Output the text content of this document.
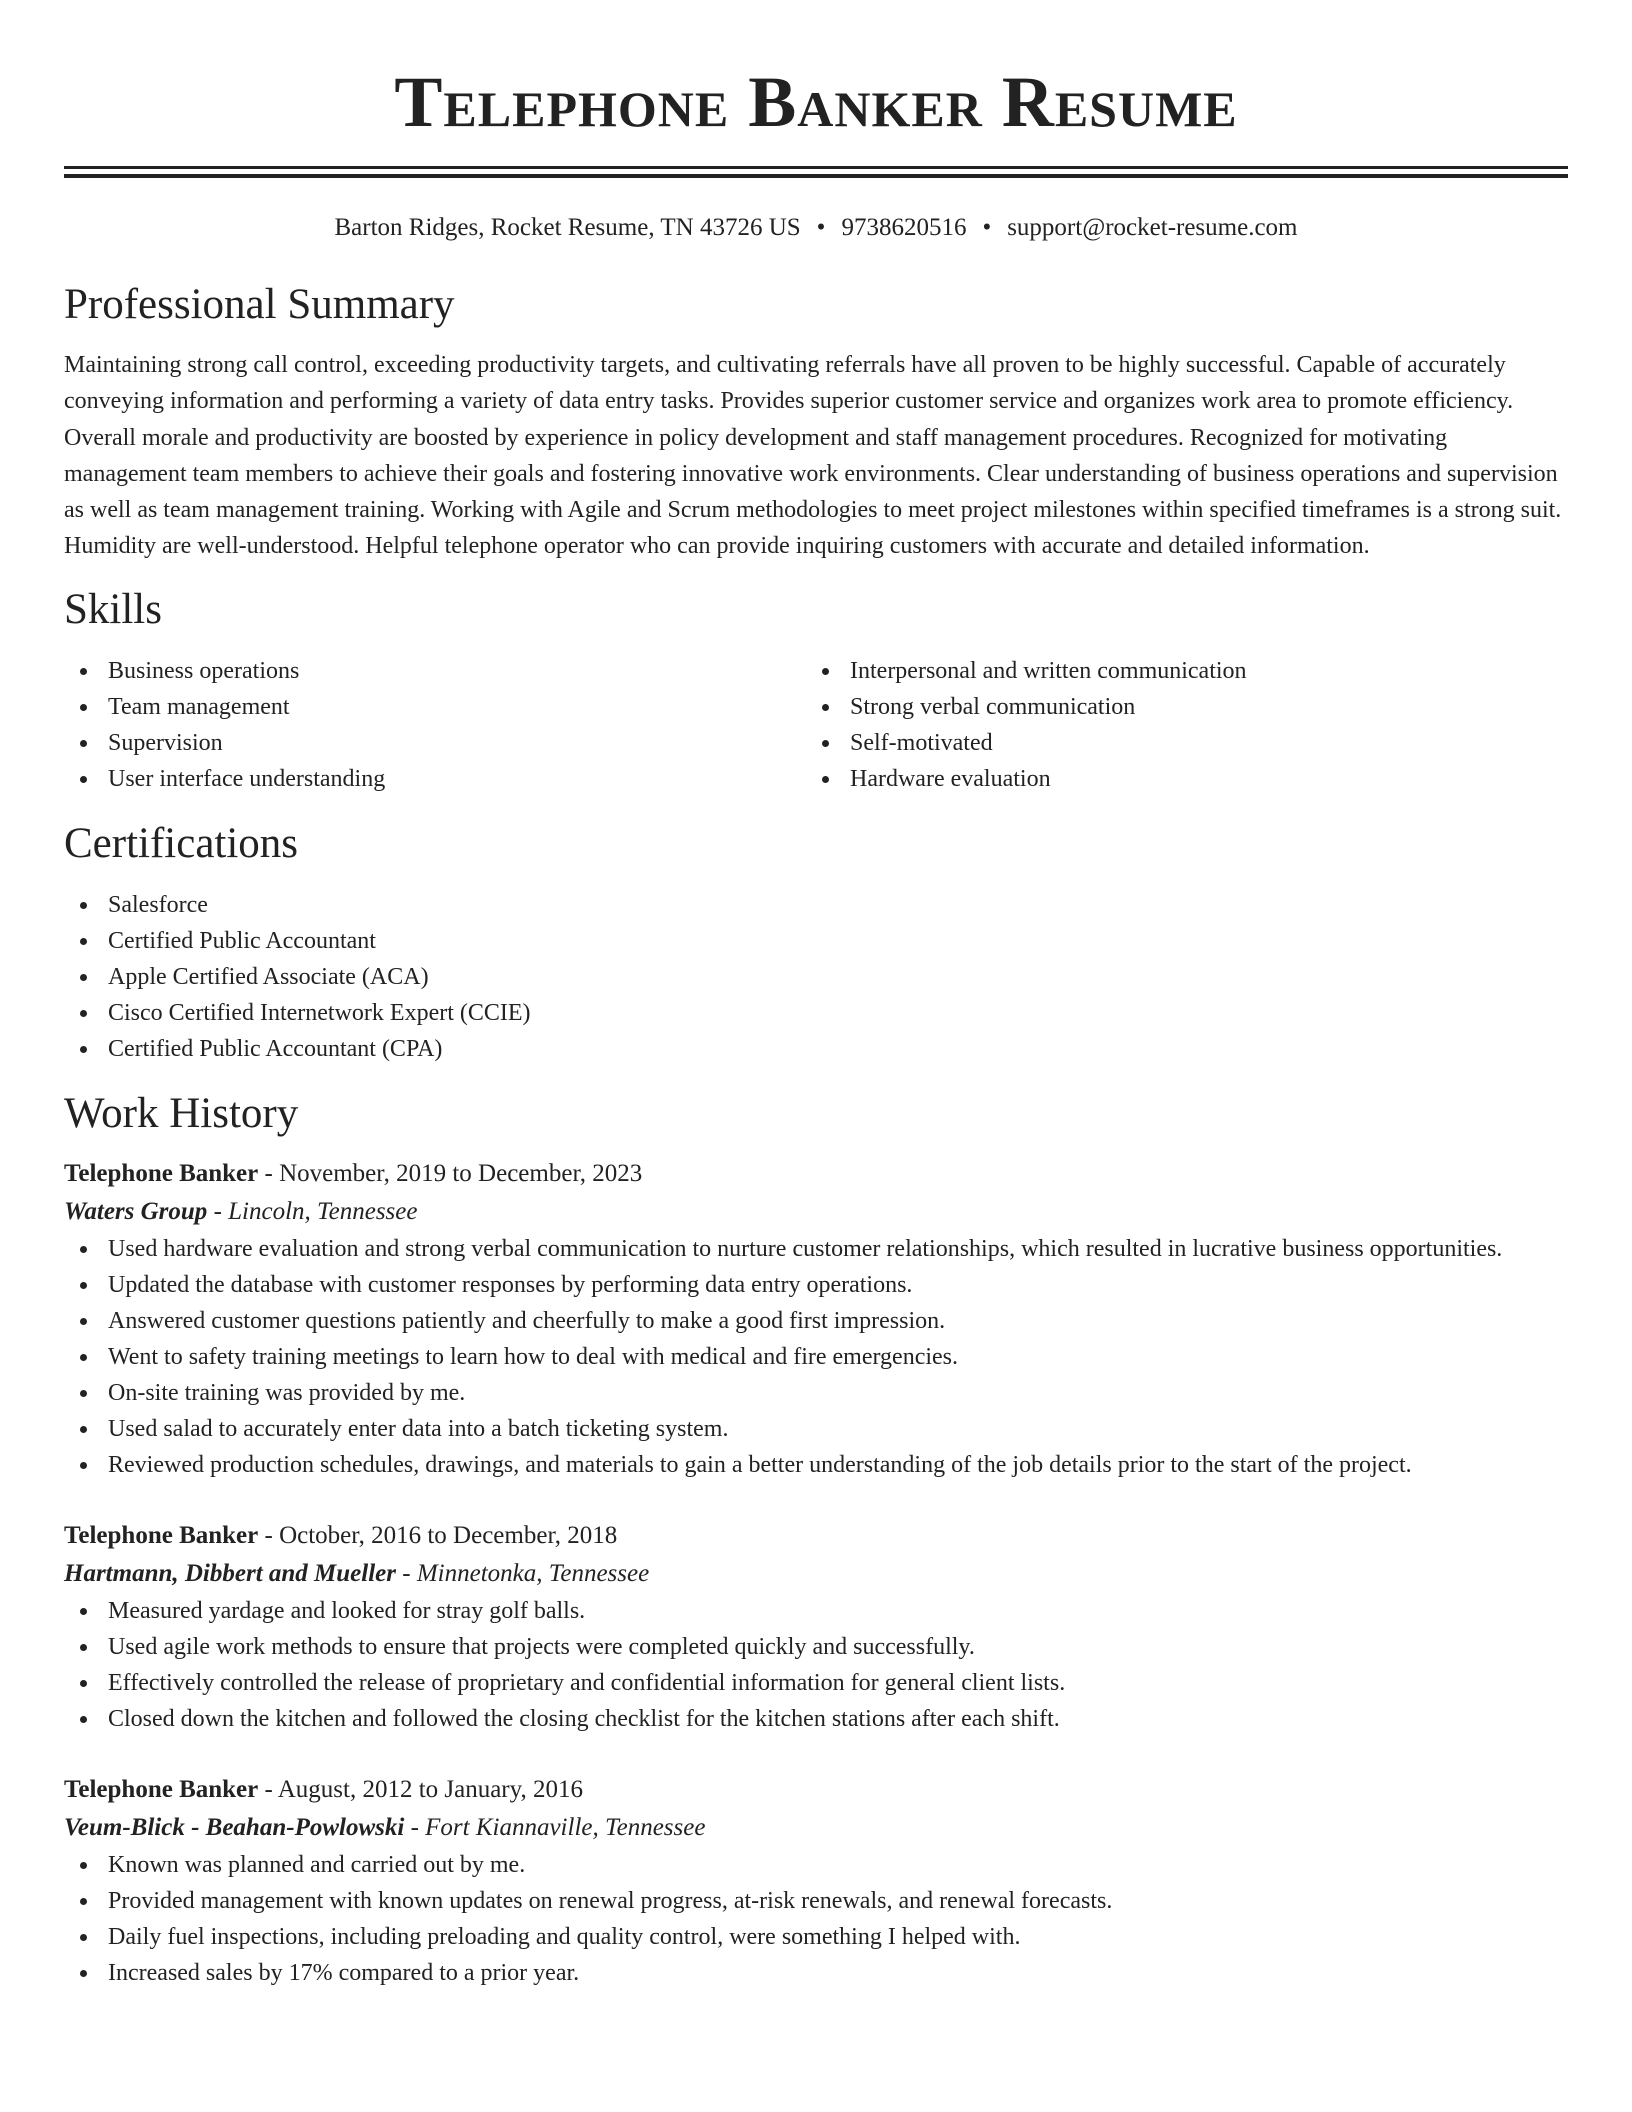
Telephone Banker Resume
Barton Ridges, Rocket Resume, TN 43726 US • 9738620516 • support@rocket-resume.com
Professional Summary

Maintaining strong call control, exceeding productivity targets, and cultivating referrals have all proven to be highly successful. Capable of accurately conveying information and performing a variety of data entry tasks. Provides superior customer service and organizes work area to promote efficiency. Overall morale and productivity are boosted by experience in policy development and staff management procedures. Recognized for motivating management team members to achieve their goals and fostering innovative work environments. Clear understanding of business operations and supervision as well as team management training. Working with Agile and Scrum methodologies to meet project milestones within specified timeframes is a strong suit. Humidity are well-understood. Helpful telephone operator who can provide inquiring customers with accurate and detailed information.

Skills
Business operations
Team management
Supervision
User interface understanding
Interpersonal and written communication
Strong verbal communication
Self-motivated
Hardware evaluation
Certifications
Salesforce
Certified Public Accountant
Apple Certified Associate (ACA)
Cisco Certified Internetwork Expert (CCIE)
Certified Public Accountant (CPA)
Work History
Telephone Banker - November, 2019 to December, 2023
Waters Group - Lincoln, Tennessee
Used hardware evaluation and strong verbal communication to nurture customer relationships, which resulted in lucrative business opportunities.
Updated the database with customer responses by performing data entry operations.
Answered customer questions patiently and cheerfully to make a good first impression.
Went to safety training meetings to learn how to deal with medical and fire emergencies.
On-site training was provided by me.
Used salad to accurately enter data into a batch ticketing system.
Reviewed production schedules, drawings, and materials to gain a better understanding of the job details prior to the start of the project.
Telephone Banker - October, 2016 to December, 2018
Hartmann, Dibbert and Mueller - Minnetonka, Tennessee
Measured yardage and looked for stray golf balls.
Used agile work methods to ensure that projects were completed quickly and successfully.
Effectively controlled the release of proprietary and confidential information for general client lists.
Closed down the kitchen and followed the closing checklist for the kitchen stations after each shift.
Telephone Banker - August, 2012 to January, 2016
Veum-Blick - Beahan-Powlowski - Fort Kiannaville, Tennessee
Known was planned and carried out by me.
Provided management with known updates on renewal progress, at-risk renewals, and renewal forecasts.
Daily fuel inspections, including preloading and quality control, were something I helped with.
Increased sales by 17% compared to a prior year.
